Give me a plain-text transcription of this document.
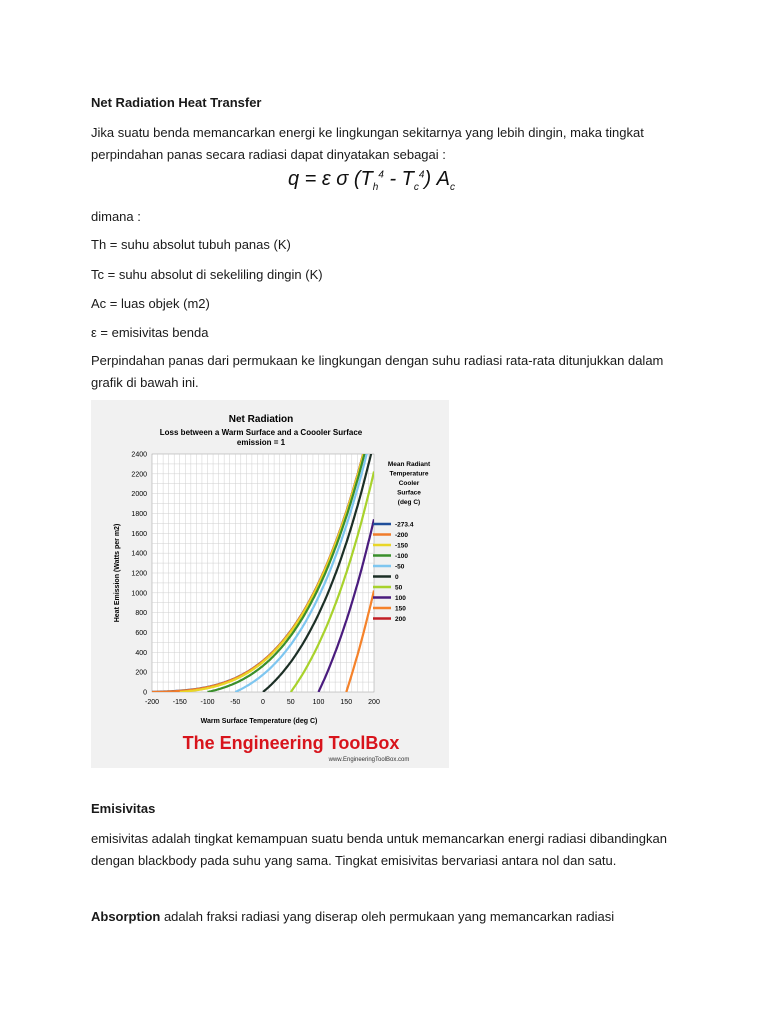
Net Radiation Heat Transfer
Jika suatu benda memancarkan energi ke lingkungan sekitarnya yang lebih dingin, maka tingkat perpindahan panas secara radiasi dapat dinyatakan sebagai :
q = ε σ $(T_h^4 - T_c^4)$ $A_c$
dimana :
Th = suhu absolut tubuh panas (K)
Tc = suhu absolut di sekeliling dingin (K)
Ac = luas objek (m2)
ε = emisivitas benda
Perpindahan panas dari permukaan ke lingkungan dengan suhu radiasi rata-rata ditunjukkan dalam grafik di bawah ini.
Net Radiation
Loss between a Warm Surface and a Coooler Surface
emission = 1
0
200
400
600
800
1000
1200
1400
1600
1800
2000
2200
2400
-200 -150 -100 -50	0	50	100 150 200
Heat Emission (Watts per m2)
Warm Surface Temperature (deg C)
Mean Radiant
Temperature
Cooler
Surface
(deg C)
-273.4
-200
-150
-100
-50
0
50
100
150
200
The Engineering ToolBox
www.EngineeringToolBox.com
Emisivitas
emisivitas adalah tingkat kemampuan suatu benda untuk memancarkan energi radiasi dibandingkan dengan blackbody pada suhu yang sama. Tingkat emisivitas bervariasi antara nol dan satu.
Absorption adalah fraksi radiasi yang diserap oleh permukaan yang memancarkan radiasi
